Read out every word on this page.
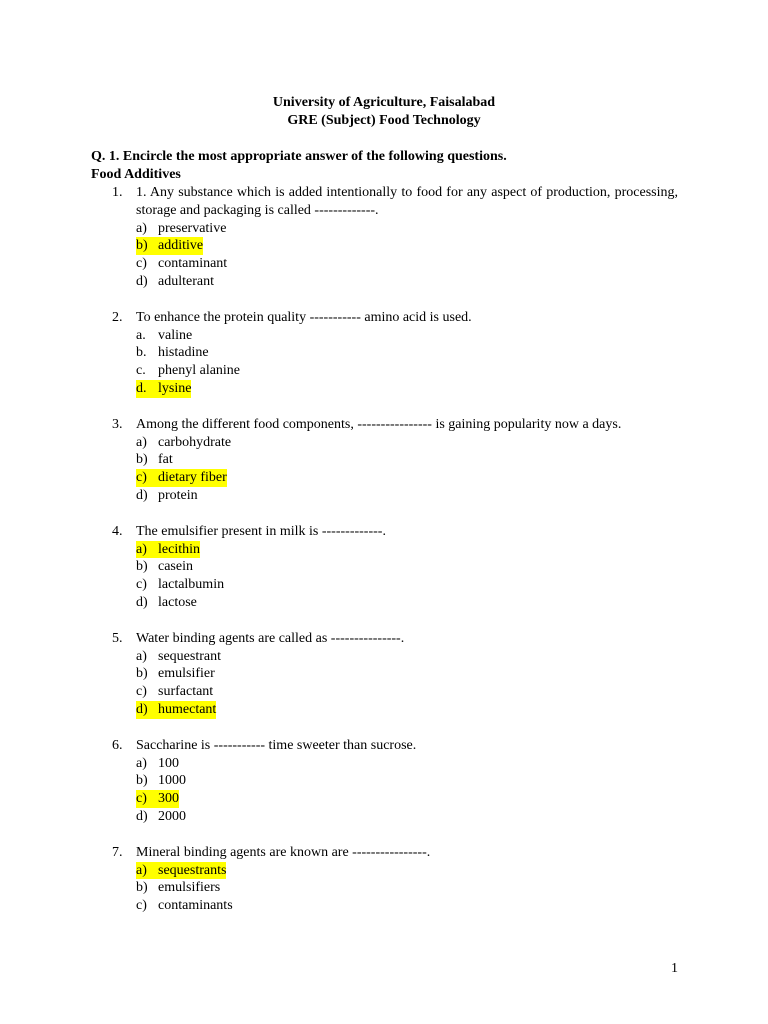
University of Agriculture, Faisalabad
GRE (Subject) Food Technology
Q. 1. Encircle the most appropriate answer of the following questions.
Food Additives
1. 1. Any substance which is added intentionally to food for any aspect of production, processing, storage and packaging is called -------------.
a) preservative
b) additive
c) contaminant
d) adulterant
2. To enhance the protein quality ----------- amino acid is used.
a. valine
b. histadine
c. phenyl alanine
d. lysine
3. Among the different food components, ---------------- is gaining popularity now a days.
a) carbohydrate
b) fat
c) dietary fiber
d) protein
4. The emulsifier present in milk is -------------.
a) lecithin
b) casein
c) lactalbumin
d) lactose
5. Water binding agents are called as ---------------.
a) sequestrant
b) emulsifier
c) surfactant
d) humectant
6. Saccharine is ----------- time sweeter than sucrose.
a) 100
b) 1000
c) 300
d) 2000
7. Mineral binding agents are known are ----------------.
a) sequestrants
b) emulsifiers
c) contaminants
1
